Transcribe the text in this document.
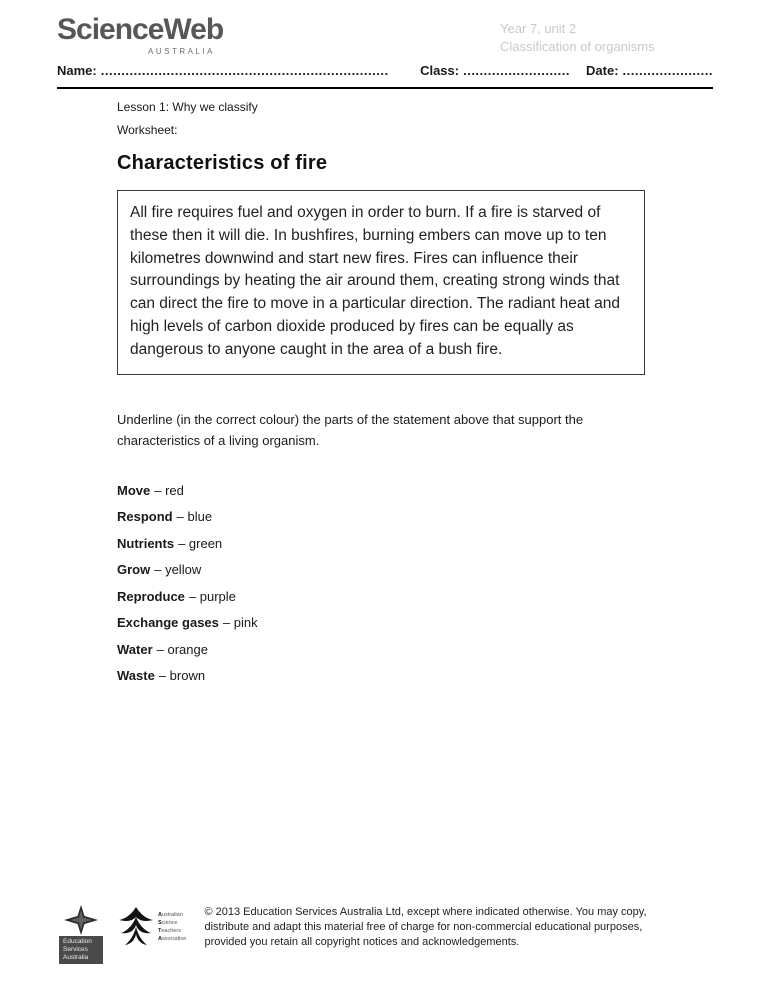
ScienceWeb
AUSTRALIA
Year 7, unit 2
Classification of organisms
Name: ......................................................................	Class: .......................... Date: ......................
Lesson 1: Why we classify
Worksheet:
Characteristics of fire
All fire requires fuel and oxygen in order to burn. If a fire is starved of these then it will die. In bushfires, burning embers can move up to ten kilometres downwind and start new fires. Fires can influence their surroundings by heating the air around them, creating strong winds that can direct the fire to move in a particular direction. The radiant heat and high levels of carbon dioxide produced by fires can be equally as dangerous to anyone caught in the area of a bush fire.
Underline (in the correct colour) the parts of the statement above that support the characteristics of a living organism.
Move – red
Respond – blue
Nutrients – green
Grow – yellow
Reproduce – purple
Exchange gases – pink
Water – orange
Waste – brown
Education
Services
Australia
Australian
Science
Teachers
Association
© 2013 Education Services Australia Ltd, except where indicated otherwise. You may copy, distribute and adapt this material free of charge for non-commercial educational purposes, provided you retain all copyright notices and acknowledgements.
